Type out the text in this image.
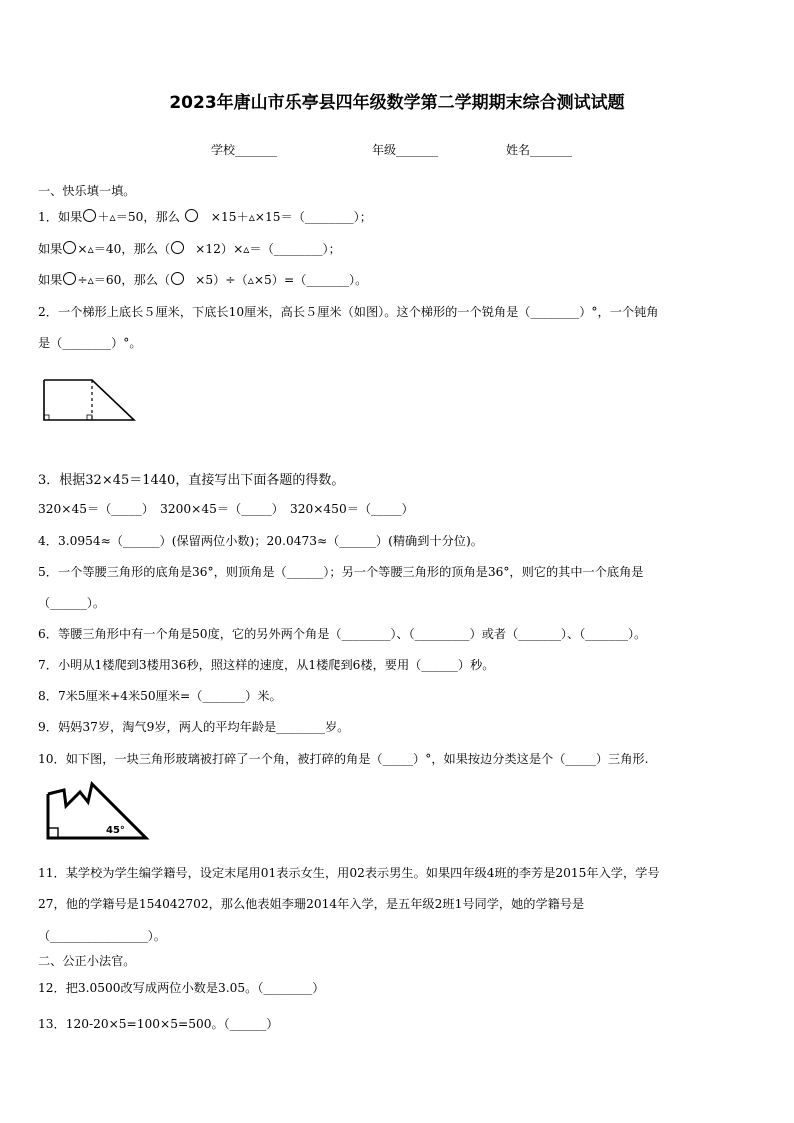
2023年唐山市乐亭县四年级数学第二学期期末综合测试试题
学校_______	年级_______	姓名_______
一、快乐填一填。
1．如果 ＋▵＝50，那么	×15＋▵×15＝（________）；
如果 ×▵＝40，那么（ ×12）×▵＝（________）；
如果 ÷▵＝60，那么（ ×5）÷（▵×5）=（_______）。
2．一个梯形上底长５厘米，下底长10厘米，高长５厘米（如图）。这个梯形的一个锐角是（________）°，一个钝角
是（________）°。
3．根据32×45＝1440，直接写出下面各题的得数。
320×45＝（_____）　3200×45＝（_____）　320×450＝（_____）
4．3.0954≈（______）(保留两位小数)；20.0473≈（______）(精确到十分位)。
5．一个等腰三角形的底角是36°，则顶角是（______）；另一个等腰三角形的顶角是36°，则它的其中一个底角是
（______）。
6．等腰三角形中有一个角是50度，它的另外两个角是（________）、（_________）或者（_______）、（_______）。
7．小明从1楼爬到3楼用36秒，照这样的速度，从1楼爬到6楼，要用（______）秒。
8．7米5厘米+4米50厘米=（_______）米。
9．妈妈37岁，淘气9岁，两人的平均年龄是________岁。
10．如下图，一块三角形玻璃被打碎了一个角，被打碎的角是（_____）°，如果按边分类这是个（_____）三角形.
45°
11．某学校为学生编学籍号，设定末尾用01表示女生，用02表示男生。如果四年级4班的李芳是2015年入学，学号
27，他的学籍号是154042702，那么他表姐李珊2014年入学，是五年级2班1号同学，她的学籍号是
（________________）。
二、公正小法官。
12．把3.0500改写成两位小数是3.05。（________）
13．120-20×5=100×5=500。（______）
